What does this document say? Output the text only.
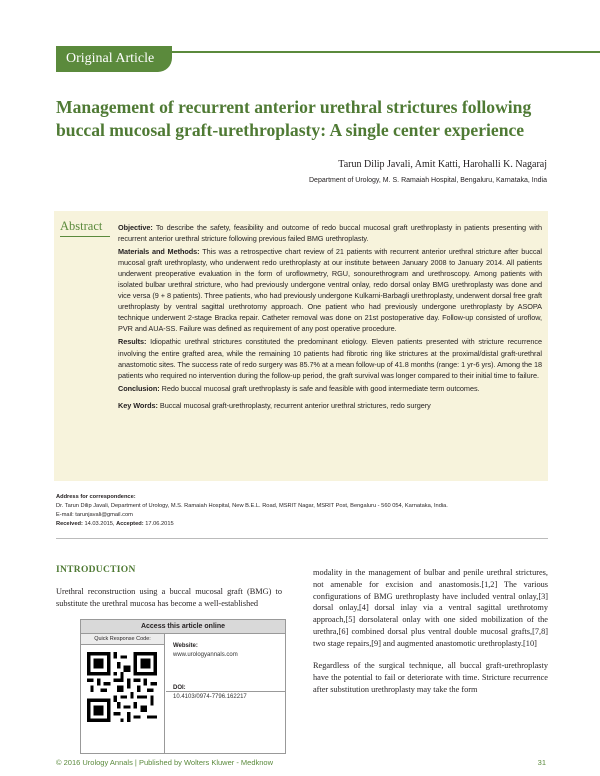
Original Article
Management of recurrent anterior urethral strictures following buccal mucosal graft-urethroplasty: A single center experience
Tarun Dilip Javali, Amit Katti, Harohalli K. Nagaraj
Department of Urology, M. S. Ramaiah Hospital, Bengaluru, Karnataka, India
Abstract	Objective: To describe the safety, feasibility and outcome of redo buccal mucosal graft urethroplasty in patients presenting with recurrent anterior urethral stricture following previous failed BMG urethroplasty.

Materials and Methods: This was a retrospective chart review of 21 patients with recurrent anterior urethral stricture after buccal mucosal graft urethroplasty, who underwent redo urethroplasty at our institute between January 2008 to January 2014. All patients underwent preoperative evaluation in the form of uroflowmetry, RGU, sonourethrogram and urethroscopy. Among patients with isolated bulbar urethral stricture, who had previously undergone ventral onlay, redo dorsal onlay BMG urethroplasty was done and vice versa (9 + 8 patients). Three patients, who had previously undergone Kulkarni-Barbagli urethroplasty, underwent dorsal free graft urethroplasty by ventral sagittal urethrotomy approach. One patient who had previously undergone urethroplasty by ASOPA technique underwent 2-stage Bracka repair. Catheter removal was done on 21st postoperative day. Follow-up consisted of uroflow, PVR and AUA-SS. Failure was defined as requirement of any post operative procedure.

Results: Idiopathic urethral strictures constituted the predominant etiology. Eleven patients presented with stricture recurrence involving the entire grafted area, while the remaining 10 patients had fibrotic ring like strictures at the proximal/distal graft-urethral anastomotic sites. The success rate of redo surgery was 85.7% at a mean follow-up of 41.8 months (range: 1 yr-6 yrs). Among the 18 patients who required no intervention during the follow-up period, the graft survival was longer compared to their initial time to failure.

Conclusion: Redo buccal mucosal graft urethroplasty is safe and feasible with good intermediate term outcomes.

Key Words: Buccal mucosal graft-urethroplasty, recurrent anterior urethral strictures, redo surgery

Address for correspondence:
Dr. Tarun Dilip Javali, Department of Urology, M.S. Ramaiah Hospital, New B.E.L. Road, MSRIT Nagar, MSRIT Post, Bengaluru - 560 054, Karnataka, India.
E-mail: tarunjavali@gmail.com
Received: 14.03.2015, Accepted: 17.06.2015
INTRODUCTION
Urethral reconstruction using a buccal mucosal graft (BMG) to substitute the urethral mucosa has become a well-established
Access this article online
Quick Response Code:
Website:
www.urologyannals.com
DOI:
10.4103/0974-7796.162217

modality in the management of bulbar and penile urethral strictures, not amenable for excision and anastomosis.[1,2] The various configurations of BMG urethroplasty have included ventral onlay,[3] dorsal onlay,[4] dorsal inlay via a ventral sagittal urethrotomy approach,[5] dorsolateral onlay with one sided mobilization of the urethra,[6] combined dorsal plus ventral double mucosal grafts,[7,8] two stage repairs,[9] and augmented anastomotic urethroplasty.[10]

Regardless of the surgical technique, all buccal graft-urethroplasty have the potential to fail or deteriorate with time. Stricture recurrence after substitution urethroplasty may take the form

© 2016 Urology Annals | Published by Wolters Kluwer - Medknow	31
